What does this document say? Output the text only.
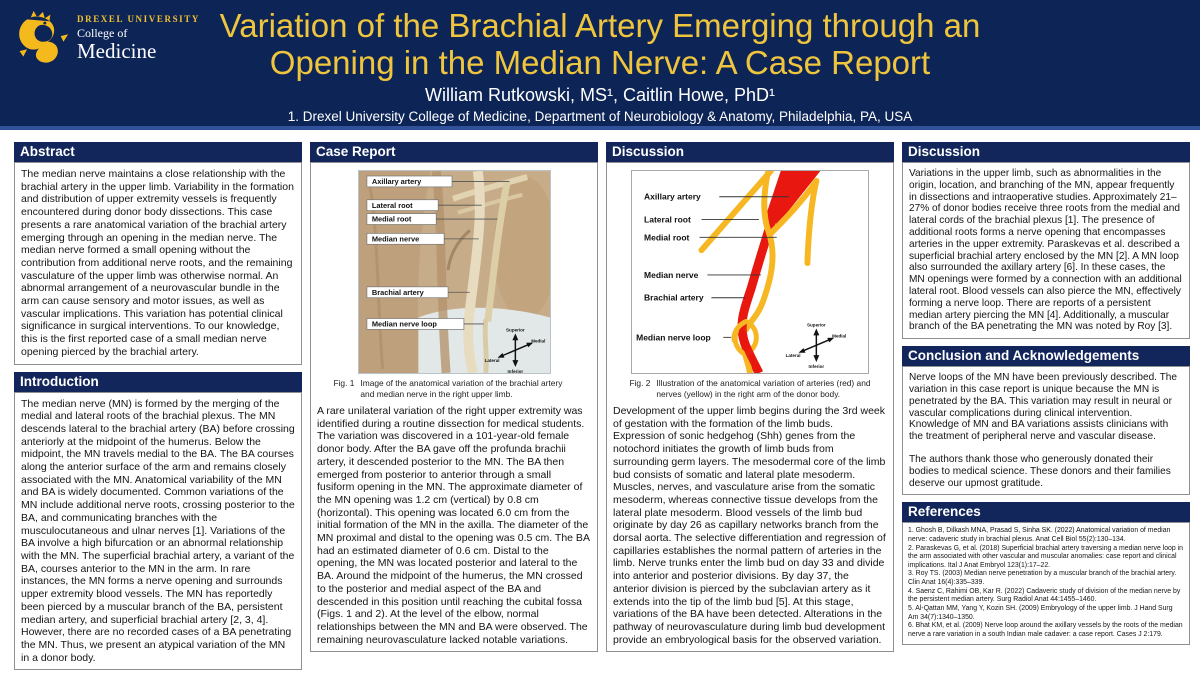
DREXEL UNIVERSITY
College of
Medicine
Variation of the Brachial Artery Emerging through an
Opening in the Median Nerve: A Case Report
William Rutkowski, MS¹, Caitlin Howe, PhD¹
1. Drexel University College of Medicine, Department of Neurobiology & Anatomy, Philadelphia, PA, USA
Abstract
The median nerve maintains a close relationship with the brachial artery in the upper limb. Variability in the formation and distribution of upper extremity vessels is frequently encountered during donor body dissections. This case presents a rare anatomical variation of the brachial artery emerging through an opening in the median nerve. The median nerve formed a small opening without the contribution from additional nerve roots, and the remaining vasculature of the upper limb was otherwise normal. An abnormal arrangement of a neurovascular bundle in the arm can cause sensory and motor issues, as well as vascular implications. This variation has potential clinical significance in surgical interventions. To our knowledge, this is the first reported case of a small median nerve opening pierced by the brachial artery.
Introduction
The median nerve (MN) is formed by the merging of the medial and lateral roots of the brachial plexus. The MN descends lateral to the brachial artery (BA) before crossing anteriorly at the midpoint of the humerus. Below the midpoint, the MN travels medial to the BA. The BA courses along the anterior surface of the arm and remains closely associated with the MN. Anatomical variability of the MN and BA is widely documented. Common variations of the MN include additional nerve roots, crossing posterior to the BA, and communicating branches with the musculocutaneous and ulnar nerves [1]. Variations of the BA involve a high bifurcation or an abnormal relationship with the MN. The superficial brachial artery, a variant of the BA, courses anterior to the MN in the arm. In rare instances, the MN forms a nerve opening and surrounds upper extremity blood vessels. The MN has reportedly been pierced by a muscular branch of the BA, persistent median artery, and superficial brachial artery [2, 3, 4]. However, there are no recorded cases of a BA penetrating the MN. Thus, we present an atypical variation of the MN in a donor body.
Case Report
Axillary artery
Lateral root
Medial root
Median nerve
Brachial artery
Median nerve loop
Superior
Inferior
Medial
Lateral
Fig. 1 Image of the anatomical variation of the brachial artery and median nerve in the right upper limb.
A rare unilateral variation of the right upper extremity was identified during a routine dissection for medical students. The variation was discovered in a 101-year-old female donor body. After the BA gave off the profunda brachii artery, it descended posterior to the MN. The BA then emerged from posterior to anterior through a small fusiform opening in the MN. The approximate diameter of the MN opening was 1.2 cm (vertical) by 0.8 cm (horizontal). This opening was located 6.0 cm from the initial formation of the MN in the axilla. The diameter of the MN proximal and distal to the opening was 0.5 cm. The BA had an estimated diameter of 0.6 cm. Distal to the opening, the MN was located posterior and lateral to the BA. Around the midpoint of the humerus, the MN crossed to the posterior and medial aspect of the BA and descended in this position until reaching the cubital fossa (Figs. 1 and 2). At the level of the elbow, normal relationships between the MN and BA were observed. The remaining neurovasculature lacked notable variations.
Discussion
Axillary artery
Lateral root
Medial root
Median nerve
Brachial artery
Median nerve loop
Superior
Inferior
Medial
Lateral
Fig. 2 Illustration of the anatomical variation of arteries (red) and nerves (yellow) in the right arm of the donor body.
Development of the upper limb begins during the 3rd week of gestation with the formation of the limb buds. Expression of sonic hedgehog (Shh) genes from the notochord initiates the growth of limb buds from surrounding germ layers. The mesodermal core of the limb bud consists of somatic and lateral plate mesoderm. Muscles, nerves, and vasculature arise from the somatic mesoderm, whereas connective tissue develops from the lateral plate mesoderm. Blood vessels of the limb bud originate by day 26 as capillary networks branch from the dorsal aorta. The selective differentiation and regression of capillaries establishes the normal pattern of arteries in the limb. Nerve trunks enter the limb bud on day 33 and divide into anterior and posterior divisions. By day 37, the anterior division is pierced by the subclavian artery as it extends into the tip of the limb bud [5]. At this stage, variations of the BA have been detected. Alterations in the pathway of neurovasculature during limb bud development provide an embryological basis for the observed variation.
Discussion
Variations in the upper limb, such as abnormalities in the origin, location, and branching of the MN, appear frequently in dissections and intraoperative studies. Approximately 21–27% of donor bodies receive three roots from the medial and lateral cords of the brachial plexus [1]. The presence of additional roots forms a nerve opening that encompasses arteries in the upper extremity. Paraskevas et al. described a superficial brachial artery enclosed by the MN [2]. A MN loop also surrounded the axillary artery [6]. In these cases, the MN openings were formed by a connection with an additional lateral root. Blood vessels can also pierce the MN, effectively forming a nerve loop. There are reports of a persistent median artery piercing the MN [4]. Additionally, a muscular branch of the BA penetrating the MN was noted by Roy [3].
Conclusion and Acknowledgements
Nerve loops of the MN have been previously described. The variation in this case report is unique because the MN is penetrated by the BA. This variation may result in neural or vascular complications during clinical intervention. Knowledge of MN and BA variations assists clinicians with the treatment of peripheral nerve and vascular disease.
The authors thank those who generously donated their bodies to medical science. These donors and their families deserve our upmost gratitude.
References
1. Ghosh B, Dilkash MNA, Prasad S, Sinha SK. (2022) Anatomical variation of median nerve: cadaveric study in brachial plexus. Anat Cell Biol 55(2):130–134.
2. Paraskevas G, et al. (2018) Superficial brachial artery traversing a median nerve loop in the arm associated with other vascular and muscular anomalies: case report and clinical implications. Ital J Anat Embryol 123(1):17–22.
3. Roy TS. (2003) Median nerve penetration by a muscular branch of the brachial artery. Clin Anat 16(4):335–339.
4. Saenz C, Rahimi OB, Kar R. (2022) Cadaveric study of division of the median nerve by the persistent median artery. Surg Radiol Anat 44:1455–1460.
5. Al-Qattan MM, Yang Y, Kozin SH. (2009) Embryology of the upper limb. J Hand Surg Am 34(7):1340–1350.
6. Bhat KM, et al. (2009) Nerve loop around the axillary vessels by the roots of the median nerve a rare variation in a south Indian male cadaver: a case report. Cases J 2:179.
